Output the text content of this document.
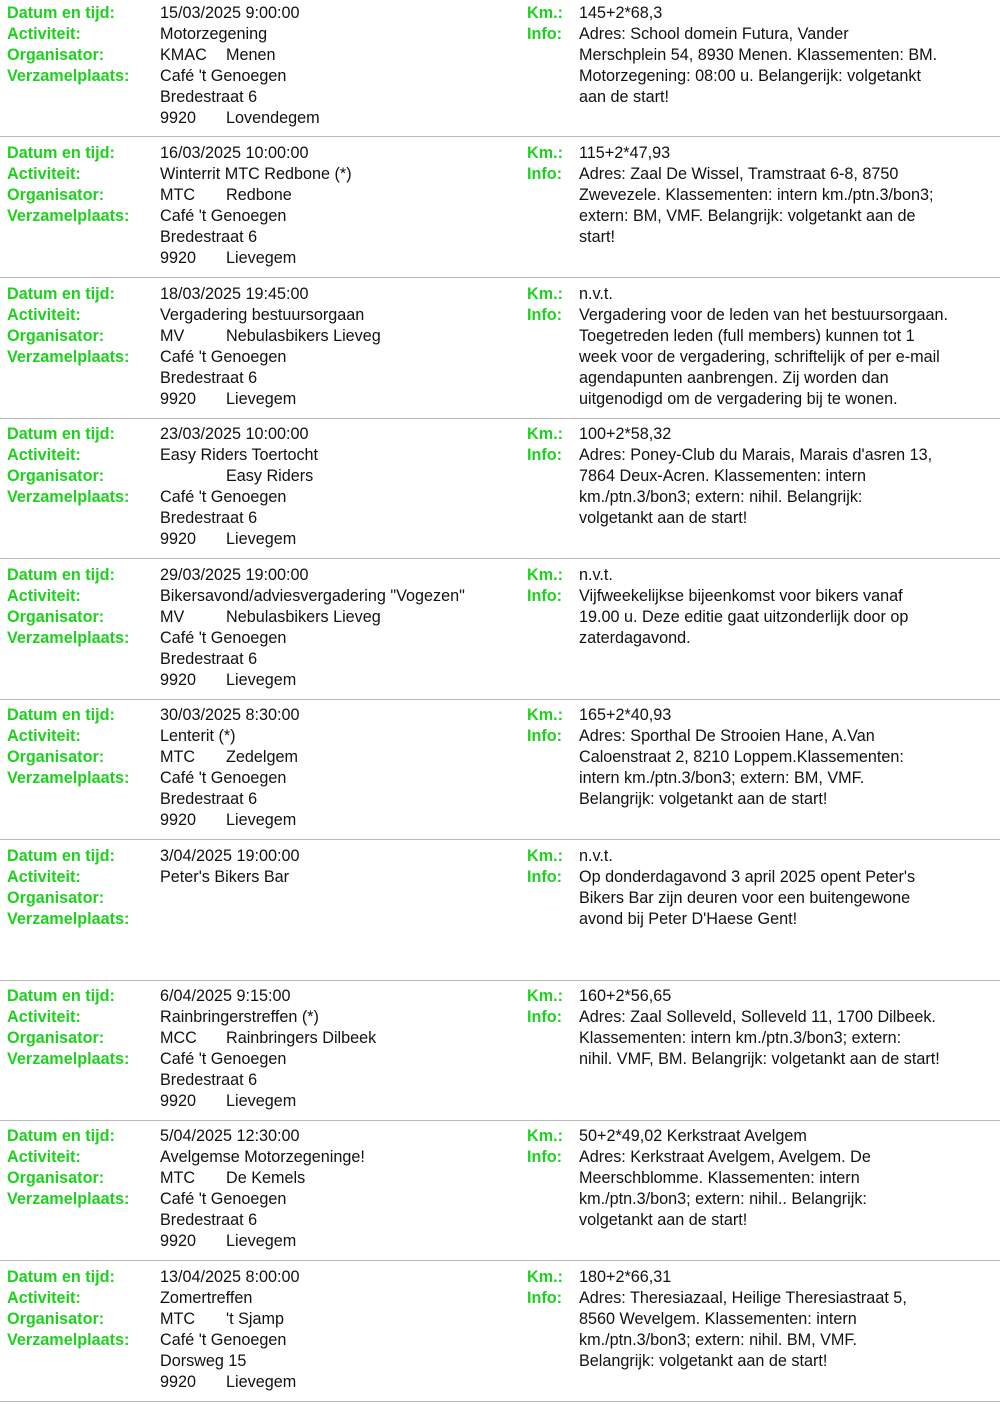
Datum en tijd:
Activiteit:
Organisator:
Verzamelplaats:
15/03/2025 9:00:00
Motorzegening
KMAC Menen
Café 't Genoegen
Bredestraat 6
9920 Lovendegem
Km.: 145+2*68,3
Info: Adres: School domein Futura, Vander
Merschplein 54, 8930 Menen. Klassementen: BM.
Motorzegening: 08:00 u. Belangerijk: volgetankt
aan de start!
Datum en tijd:
Activiteit:
Organisator:
Verzamelplaats:
16/03/2025 10:00:00
Winterrit MTC Redbone (*)
MTC Redbone
Café 't Genoegen
Bredestraat 6
9920 Lievegem
Km.: 115+2*47,93
Info: Adres: Zaal De Wissel, Tramstraat 6-8, 8750
Zwevezele. Klassementen: intern km./ptn.3/bon3;
extern: BM, VMF. Belangrijk: volgetankt aan de
start!
Datum en tijd:
Activiteit:
Organisator:
Verzamelplaats:
18/03/2025 19:45:00
Vergadering bestuursorgaan
MV	Nebulasbikers Lieveg
Café 't Genoegen
Bredestraat 6
9920 Lievegem
Km.: n.v.t.
Info: Vergadering voor de leden van het bestuursorgaan.
Toegetreden leden (full members) kunnen tot 1
week voor de vergadering, schriftelijk of per e-mail
agendapunten aanbrengen. Zij worden dan
uitgenodigd om de vergadering bij te wonen.
Datum en tijd:
Activiteit:
Organisator:
Verzamelplaats:
23/03/2025 10:00:00
Easy Riders Toertocht
Easy Riders
Café 't Genoegen
Bredestraat 6
9920 Lievegem
Km.: 100+2*58,32
Info: Adres: Poney-Club du Marais, Marais d'asren 13,
7864 Deux-Acren. Klassementen: intern
km./ptn.3/bon3; extern: nihil. Belangrijk:
volgetankt aan de start!
Datum en tijd:
Activiteit:
Organisator:
Verzamelplaats:
29/03/2025 19:00:00
Bikersavond/adviesvergadering "Vogezen"
MV	Nebulasbikers Lieveg
Café 't Genoegen
Bredestraat 6
9920 Lievegem
Km.: n.v.t.
Info: Vijfweekelijkse bijeenkomst voor bikers vanaf
19.00 u. Deze editie gaat uitzonderlijk door op
zaterdagavond.
Datum en tijd:
Activiteit:
Organisator:
Verzamelplaats:
30/03/2025 8:30:00
Lenterit (*)
MTC Zedelgem
Café 't Genoegen
Bredestraat 6
9920 Lievegem
Km.: 165+2*40,93
Info: Adres: Sporthal De Strooien Hane, A.Van
Caloenstraat 2, 8210 Loppem.Klassementen:
intern km./ptn.3/bon3; extern: BM, VMF.
Belangrijk: volgetankt aan de start!
Datum en tijd:
Activiteit:
Organisator:
Verzamelplaats:
3/04/2025 19:00:00
Peter's Bikers Bar
Km.: n.v.t.
Info: Op donderdagavond 3 april 2025 opent Peter's
Bikers Bar zijn deuren voor een buitengewone
avond bij Peter D'Haese Gent!
Datum en tijd:
Activiteit:
Organisator:
Verzamelplaats:
6/04/2025 9:15:00
Rainbringerstreffen (*)
MCC Rainbringers Dilbeek
Café 't Genoegen
Bredestraat 6
9920 Lievegem
Km.: 160+2*56,65
Info: Adres: Zaal Solleveld, Solleveld 11, 1700 Dilbeek.
Klassementen: intern km./ptn.3/bon3; extern:
nihil. VMF, BM. Belangrijk: volgetankt aan de start!
Datum en tijd:
Activiteit:
Organisator:
Verzamelplaats:
5/04/2025 12:30:00
Avelgemse Motorzegeninge!
MTC De Kemels
Café 't Genoegen
Bredestraat 6
9920 Lievegem
Km.: 50+2*49,02 Kerkstraat Avelgem
Info: Adres: Kerkstraat Avelgem, Avelgem. De
Meerschblomme. Klassementen: intern
km./ptn.3/bon3; extern: nihil.. Belangrijk:
volgetankt aan de start!
Datum en tijd:
Activiteit:
Organisator:
Verzamelplaats:
13/04/2025 8:00:00
Zomertreffen
MTC 't Sjamp
Café 't Genoegen
Dorsweg 15
9920 Lievegem
Km.: 180+2*66,31
Info: Adres: Theresiazaal, Heilige Theresiastraat 5,
8560 Wevelgem. Klassementen: intern
km./ptn.3/bon3; extern: nihil. BM, VMF.
Belangrijk: volgetankt aan de start!
